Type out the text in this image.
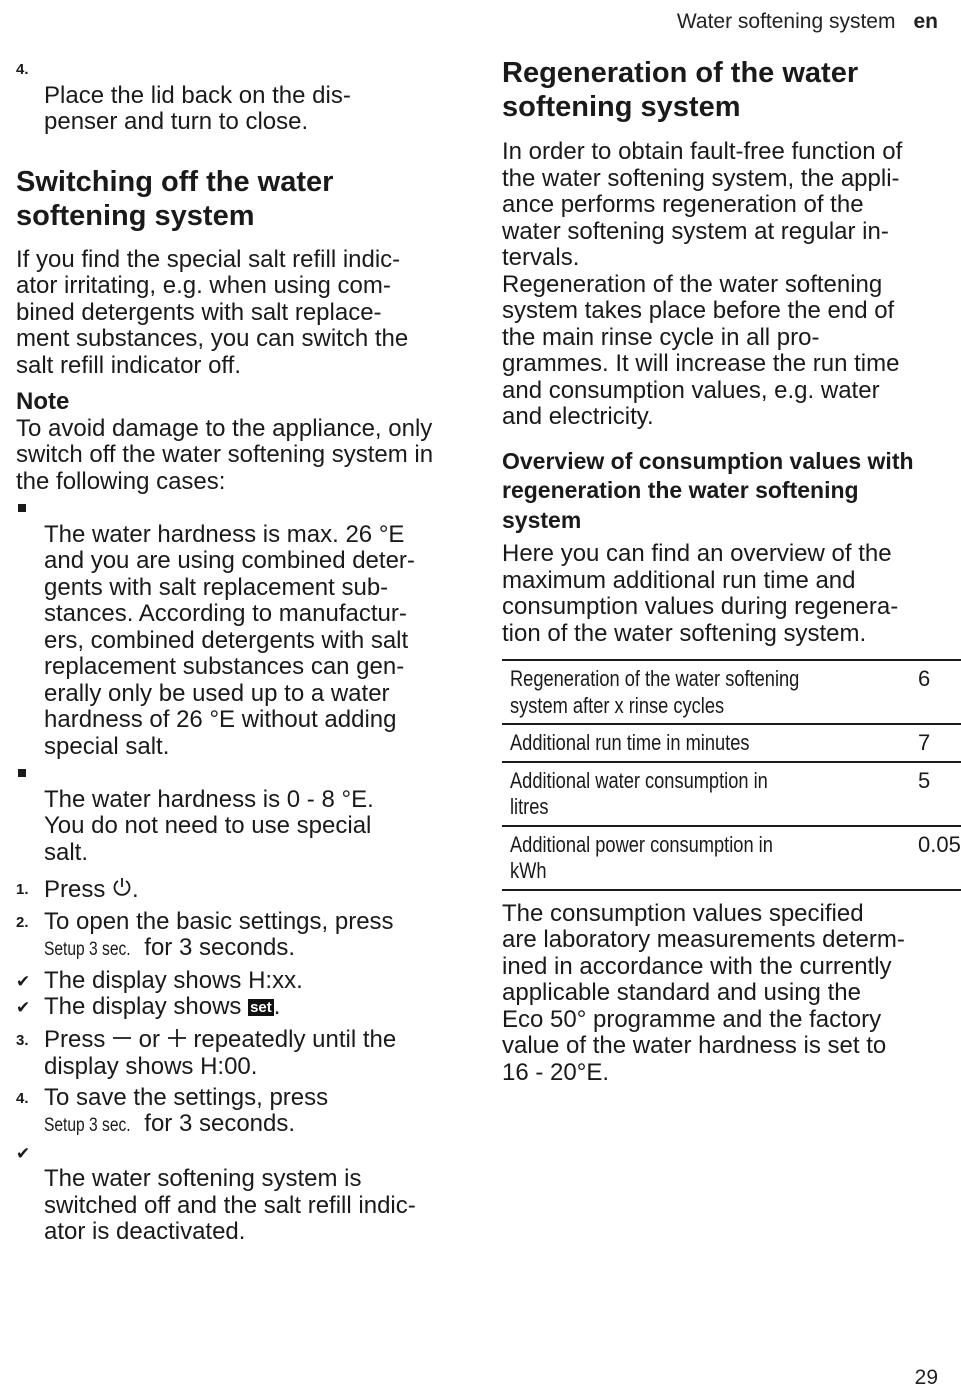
Water softening system en

4.
Place the lid back on the dis-
penser and turn to close.

Switching off the water softening system

If you find the special salt refill indic-
ator irritating, e.g. when using com-
bined detergents with salt replace-
ment substances, you can switch the
salt refill indicator off.

Note

To avoid damage to the appliance, only
switch off the water softening system in
the following cases:

The water hardness is max. 26 °E
and you are using combined deter-
gents with salt replacement sub-
stances. According to manufactur-
ers, combined detergents with salt
replacement substances can gen-
erally only be used up to a water
hardness of 26 °E without adding
special salt.

The water hardness is 0 - 8 °E.
You do not need to use special
salt.

1. Press .
2. To open the basic settings, press
Setup 3 sec. for 3 seconds.
✔ The display shows H:xx.
✔ The display shows set.
3. Press  or  repeatedly until the
display shows H:00.
4. To save the settings, press
Setup 3 sec. for 3 seconds.

✔
The water softening system is
switched off and the salt refill indic-
ator is deactivated.

Regeneration of the water softening system

In order to obtain fault-free function of
the water softening system, the appli-
ance performs regeneration of the
water softening system at regular in-
tervals.
Regeneration of the water softening
system takes place before the end of
the main rinse cycle in all pro-
grammes. It will increase the run time
and consumption values, e.g. water
and electricity.

Overview of consumption values with regeneration the water softening system

Here you can find an overview of the
maximum additional run time and
consumption values during regenera-
tion of the water softening system.

Regeneration of the water softening
system after x rinse cycles	6
Additional run time in minutes	7
Additional water consumption in
litres	5
Additional power consumption in
kWh	0.05

The consumption values specified
are laboratory measurements determ-
ined in accordance with the currently
applicable standard and using the
Eco 50° programme and the factory
value of the water hardness is set to
16 - 20°E.

29
